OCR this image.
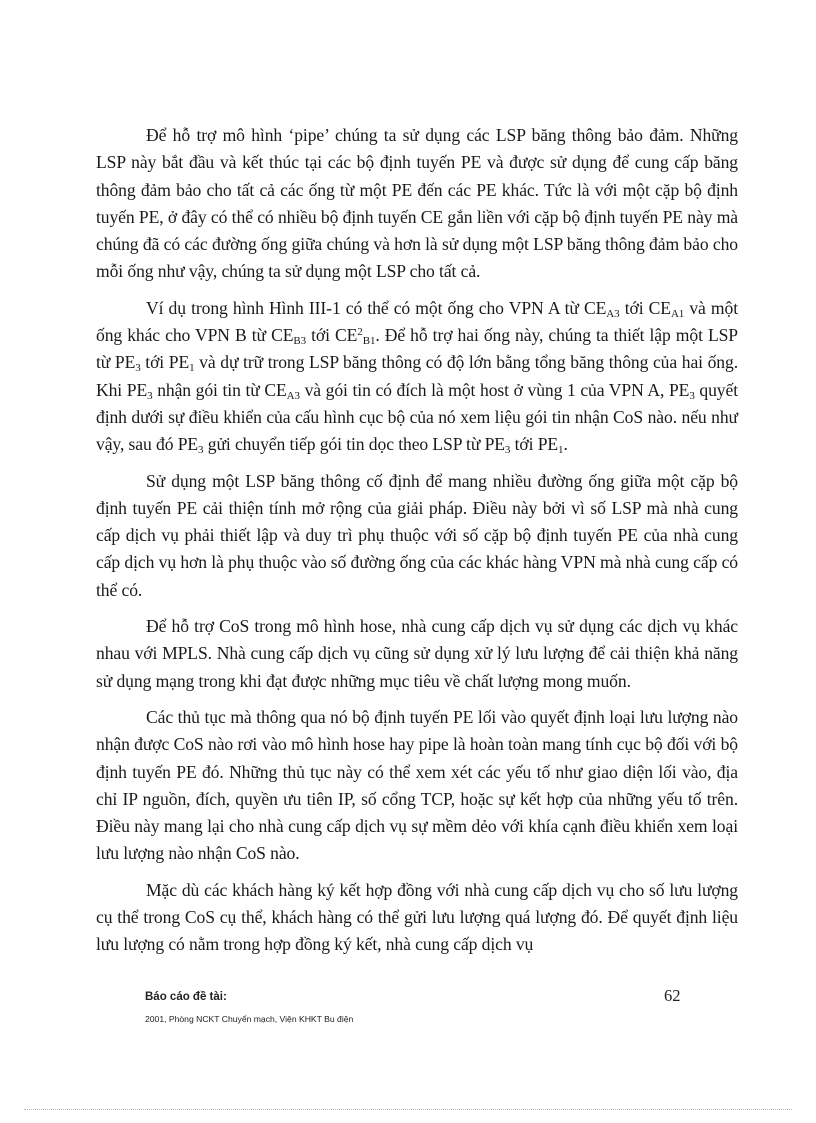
Để hỗ trợ mô hình ‘pipe’ chúng ta sử dụng các LSP băng thông bảo đảm. Những LSP này bắt đầu và kết thúc tại các bộ định tuyến PE và được sử dụng để cung cấp băng thông đảm bảo cho tất cả các ống từ một PE đến các PE khác. Tức là với một cặp bộ định tuyến PE, ở đây có thể có nhiều bộ định tuyến CE gắn liền với cặp bộ định tuyến PE này mà chúng đã có các đường ống giữa chúng và hơn là sử dụng một LSP băng thông đảm bảo cho mỗi ống như vậy, chúng ta sử dụng một LSP cho tất cả.

Ví dụ trong hình Hình III-1 có thể có một ống cho VPN A từ $CE_{A3}$ tới $CE_{A1}$ và một ống khác cho VPN B từ $CE_{B3}$ tới $CE^2_{B1}$. Để hỗ trợ hai ống này, chúng ta thiết lập một LSP từ $PE_3$ tới $PE_1$ và dự trữ trong LSP băng thông có độ lớn bằng tổng băng thông của hai ống. Khi $PE_3$ nhận gói tin từ $CE_{A3}$ và gói tin có đích là một host ở vùng 1 của VPN A, $PE_3$ quyết định dưới sự điều khiển của cấu hình cục bộ của nó xem liệu gói tin nhận CoS nào. nếu như vậy, sau đó $PE_3$ gửi chuyển tiếp gói tin dọc theo LSP từ $PE_3$ tới $PE_1$.

Sử dụng một LSP băng thông cố định để mang nhiều đường ống giữa một cặp bộ định tuyến PE cải thiện tính mở rộng của giải pháp. Điều này bởi vì số LSP mà nhà cung cấp dịch vụ phải thiết lập và duy trì phụ thuộc với số cặp bộ định tuyến PE của nhà cung cấp dịch vụ hơn là phụ thuộc vào số đường ống của các khác hàng VPN mà nhà cung cấp có thể có.

Để hỗ trợ CoS trong mô hình hose, nhà cung cấp dịch vụ sử dụng các dịch vụ khác nhau với MPLS. Nhà cung cấp dịch vụ cũng sử dụng xử lý lưu lượng để cải thiện khả năng sử dụng mạng trong khi đạt được những mục tiêu về chất lượng mong muốn.

Các thủ tục mà thông qua nó bộ định tuyến PE lối vào quyết định loại lưu lượng nào nhận được CoS nào rơi vào mô hình hose hay pipe là hoàn toàn mang tính cục bộ đối với bộ định tuyến PE đó. Những thủ tục này có thể xem xét các yếu tố như giao diện lối vào, địa chỉ IP nguồn, đích, quyền ưu tiên IP, số cổng TCP, hoặc sự kết hợp của những yếu tố trên. Điều này mang lại cho nhà cung cấp dịch vụ sự mềm dẻo với khía cạnh điều khiển xem loại lưu lượng nào nhận CoS nào.

Mặc dù các khách hàng ký kết hợp đồng với nhà cung cấp dịch vụ cho số lưu lượng cụ thể trong CoS cụ thể, khách hàng có thể gửi lưu lượng quá lượng đó. Để quyết định liệu lưu lượng có nằm trong hợp đồng ký kết, nhà cung cấp dịch vụ

Báo cáo đề tài:	62
2001, Phòng NCKT Chuyển mạch, Viện KHKT Bu điện
